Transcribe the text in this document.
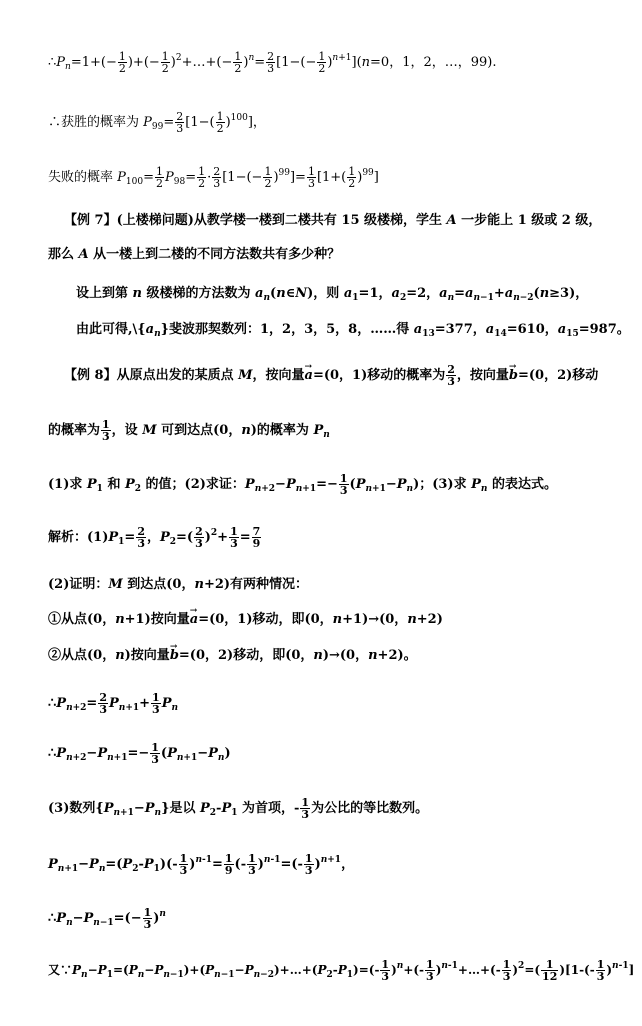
$\therefore P_n=1+(- \frac{1}{2}$ )+(− $\frac{1}{2}$ )$^2$+…+(− $\frac{1}{2} )^n= \frac{2}{3} [1-(- \frac{1}{2} )^{n+1}](n=0$，1，2，…，99).
∴获胜的概率为 $P_{99}= \frac{2}{3} [1-( \frac{1}{2} )^{100}]$，
失败的概率 $P_{100}= \frac{1}{2} P_{98}= \frac{1}{2} \cdot \frac{2}{3} [1-(- \frac{1}{2} )^{99}]= \frac{1}{3} [1+( \frac{1}{2} )^{99}]$
【例 7】(上楼梯问题)从教学楼一楼到二楼共有 15 级楼梯，学生 A 一步能上 1 级或 2 级，
那么 A 从一楼上到二楼的不同方法数共有多少种？
设上到第 n 级楼梯的方法数为 $a_n(n\in N)$，则 $a_1=1$，$a_2=2$，$a_n=a_{n-1}+a_{n-2}(n\ge 3)$，
由此可得$,\backslash\{a_n\}$斐波那契数列：1，2，3，5，8，……得 $a_{13}=377$，$a_{14}=610$，$a_{15}=987$。
【例 8】从原点出发的某质点 M，按向量→ a=(0，1)移动的概率为 $\frac{2}{3}$ ，按向量→ b=(0，2)移动
的概率为 $\frac{1}{3}$ ，设 M 可到达点(0，n)的概率为 $P_n$
(1)求 $P_1$ 和 $P_2$ 的值；(2)求证：$P_{n+2}-P_{n+1}=- \frac{1}{3} (P_{n+1}-P_n)$；(3)求 $P_n$ 的表达式。
解析：$(1)P_1= \frac{2}{3}$ ，$P_2=( \frac{2}{3} )^2+ \frac{1}{3} = \frac{7}{9}$
(2)证明：M 到达点(0，n+2)有两种情况：
①从点(0，n+1)按向量→ a=(0，1)移动，即(0，n+1)→(0，n+2)
②从点(0，n)按向量→ b=(0，2)移动，即(0，n)→(0，n+2)。
$\therefore P_{n+2}= \frac{2}{3} P_{n+1}+ \frac{1}{3} P_n$
$\therefore P_{n+2}-P_{n+1}=- \frac{1}{3} (P_{n+1}-P_n)$
(3)数列$\{P_{n+1}-P_n\}$是以 $P_2-P_1$ 为首项，- $\frac{1}{3}$ 为公比的等比数列。
$P_{n+1}-P_n=(P_2-P_1)(- \frac{1}{3} )^{n-1}= \frac{1}{9}$ (- $\frac{1}{3} )^{n-1}=(- \frac{1}{3} )^{n+1}$，
$\therefore P_n-P_{n-1}=(- \frac{1}{3} )^n$
又$\because P_n-P_1=(P_n-P_{n-1})+(P_{n-1}-P_{n-2})+\dots+(P_2-P_1)=(- \frac{1}{3} )^n+(- \frac{1}{3}$ )$^{n-1}$+…+(- $\frac{1}{3} )^2=( \frac{1}{12} )[1-(- \frac{1}{3} )^{n-1}]$
